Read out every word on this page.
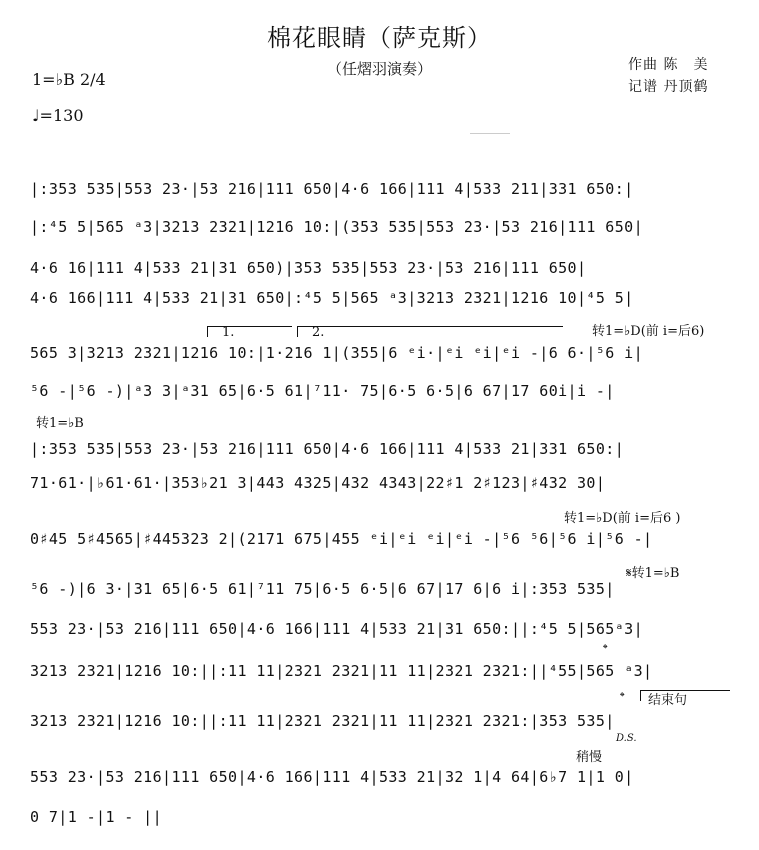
棉花眼睛（萨克斯）
（任熠羽演奏）
1=♭B 2/4
♩=130
作曲 陈　美
记谱 丹顶鹤
|:353 535|553 23·|53 216|111 650|4·6 166|111 4|533 211|331 650:|
|:⁴5 5|565 ᵃ3|3213 2321|1216 10:|(353 535|553 23·|53 216|111 650|
4·6 16|111 4|533 21|31 650)|353 535|553 23·|53 216|111 650|
4·6 166|111 4|533 21|31 650|:⁴5 5|565 ᵃ3|3213 2321|1216 10|⁴5 5|
1.	2.	转1=♭D(前 i=后6)
565 3|3213 2321|1216 10:|1·216 1|(355|6 ᵉi·|ᵉi ᵉi|ᵉi -|6 6·|⁵6 i|
⁵6 -|⁵6 -)|ᵃ3 3|ᵃ31 65|6·5 61|⁷11· 75|6·5 6·5|6 67|17 60i|i -|
转1=♭B
|:353 535|553 23·|53 216|111 650|4·6 166|111 4|533 21|331 650:|
71·61·|♭61·61·|353♭21 3|443 4325|432 4343|22♯1 2♯123|♯432 30|
转1=♭D(前 i=后6 )
0♯45 5♯4565|♯445323 2|(2171 675|455 ᵉi|ᵉi ᵉi|ᵉi -|⁵6 ⁵6|⁵6 i|⁵6 -|
𝄋转1=♭B
⁵6 -)|6 3·|31 65|6·5 61|⁷11 75|6·5 6·5|6 67|17 6|6 i|:353 535|
553 23·|53 216|111 650|4·6 166|111 4|533 21|31 650:||:⁴5 5|565ᵃ3|
𝄌
3213 2321|1216 10:||:11 11|2321 2321|11 11|2321 2321:||⁴55|565 ᵃ3|
𝄌 结束句
3213 2321|1216 10:||:11 11|2321 2321|11 11|2321 2321:|353 535|
D.S.
稍慢
553 23·|53 216|111 650|4·6 166|111 4|533 21|32 1|4 64|6♭7 1|1 0|
0 7|1 -|1 - ||
